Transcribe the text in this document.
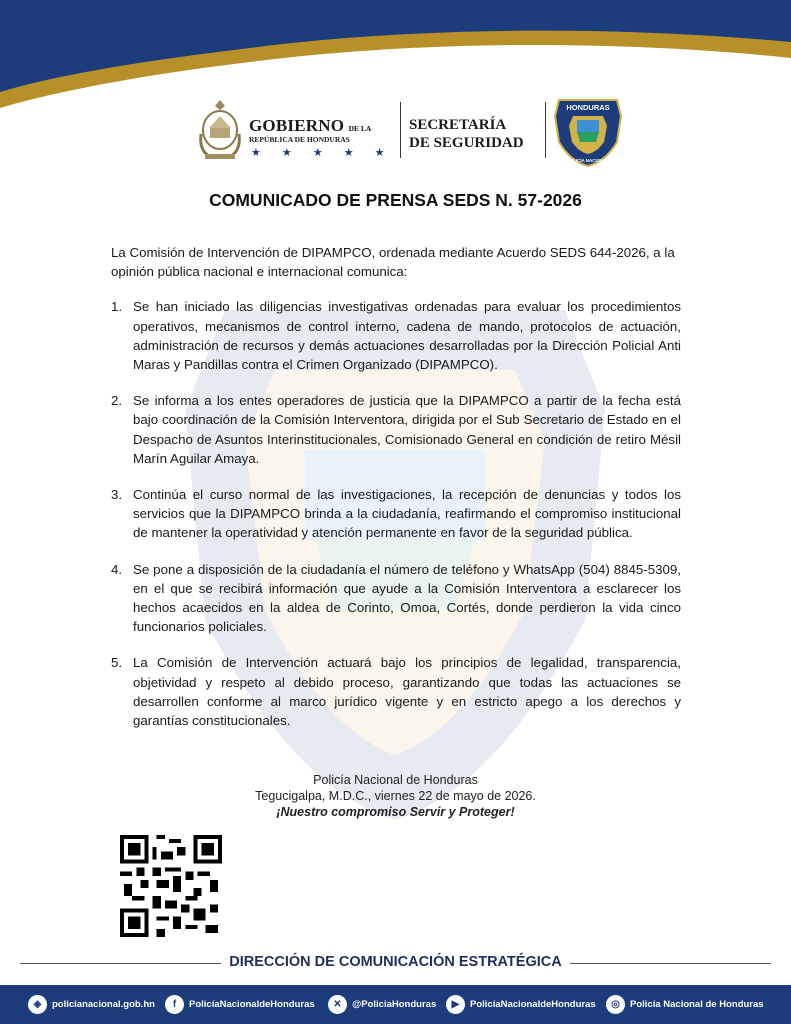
GOBIERNO DE LA
REPÚBLICA DE HONDURAS
★ ★ ★ ★ ★
SECRETARÍA
DE SEGURIDAD
HONDURAS
POLICÍA NACIONAL
COMUNICADO DE PRENSA SEDS N. 57-2026

La Comisión de Intervención de DIPAMPCO, ordenada mediante Acuerdo SEDS 644-2026, a la opinión pública nacional e internacional comunica:

1. Se han iniciado las diligencias investigativas ordenadas para evaluar los procedimientos operativos, mecanismos de control interno, cadena de mando, protocolos de actuación, administración de recursos y demás actuaciones desarrolladas por la Dirección Policial Anti Maras y Pandillas contra el Crimen Organizado (DIPAMPCO).
2. Se informa a los entes operadores de justicia que la DIPAMPCO a partir de la fecha está bajo coordinación de la Comisión Interventora, dirigida por el Sub Secretario de Estado en el Despacho de Asuntos Interinstitucionales, Comisionado General en condición de retiro Mésil Marín Aguilar Amaya.
3. Continúa el curso normal de las investigaciones, la recepción de denuncias y todos los servicios que la DIPAMPCO brinda a la ciudadanía, reafirmando el compromiso institucional de mantener la operatividad y atención permanente en favor de la seguridad pública.
4. Se pone a disposición de la ciudadanía el número de teléfono y WhatsApp (504) 8845-5309, en el que se recibirá información que ayude a la Comisión Interventora a esclarecer los hechos acaecidos en la aldea de Corinto, Omoa, Cortés, donde perdieron la vida cinco funcionarios policiales.
5. La Comisión de Intervención actuará bajo los principios de legalidad, transparencia, objetividad y respeto al debido proceso, garantizando que todas las actuaciones se desarrollen conforme al marco jurídico vigente y en estricto apego a los derechos y garantías constitucionales.
Policía Nacional de Honduras
Tegucigalpa, M.D.C., viernes 22 de mayo de 2026.
¡Nuestro compromiso Servir y Proteger!
DIRECCIÓN DE COMUNICACIÓN ESTRATÉGICA
◈	policianacional.gob.hn	f	PolicíaNacionaldeHonduras	✕	@PoliciaHonduras	▶	PolicíaNacionaldeHonduras	◎	Policía Nacional de Honduras
